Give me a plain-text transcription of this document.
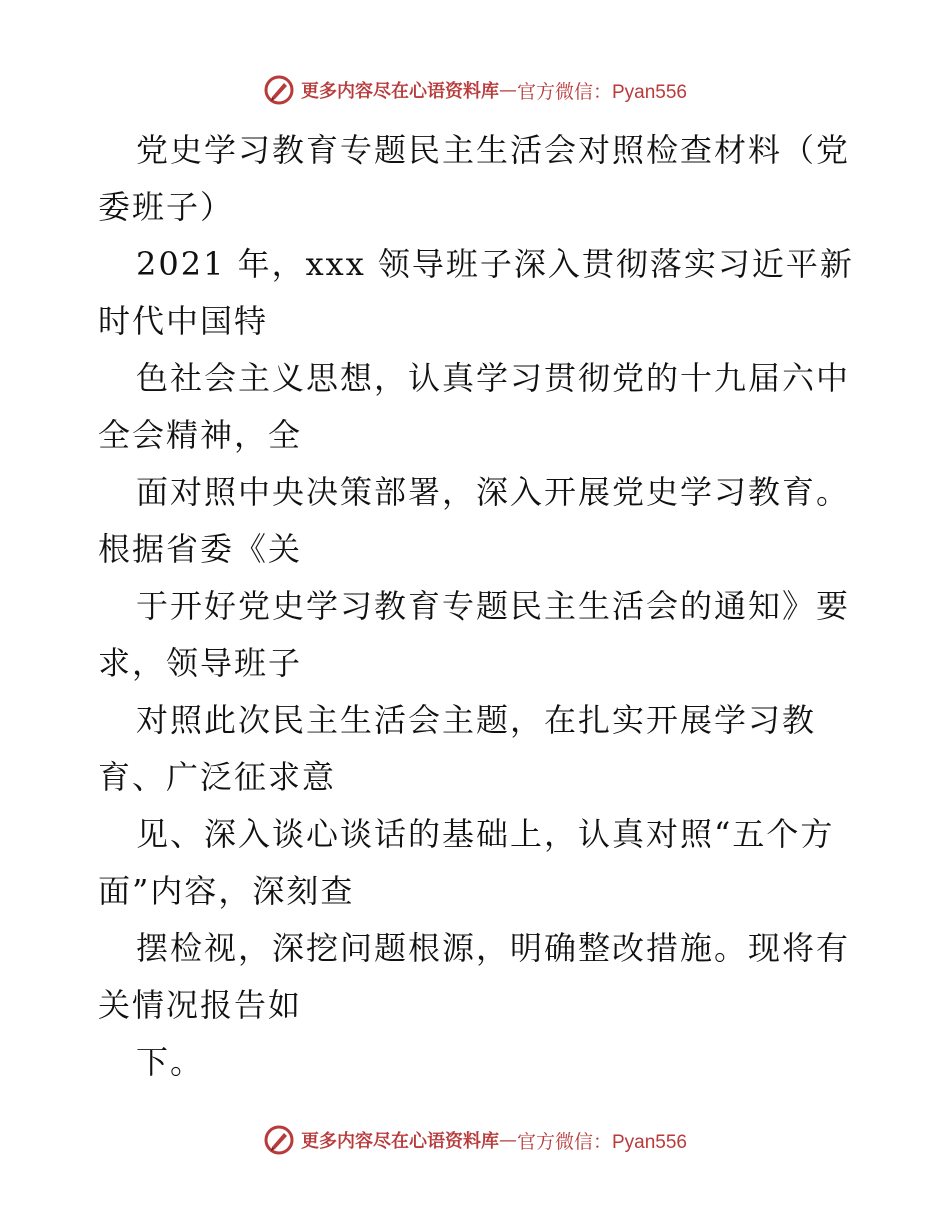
更多内容尽在心语资料库 — 官方微信：Pyan556
党史学习教育专题民主生活会对照检查材料（党
委班子）
2021 年，xxx 领导班子深入贯彻落实习近平新
时代中国特
色社会主义思想，认真学习贯彻党的十九届六中
全会精神，全
面对照中央决策部署，深入开展党史学习教育。
根据省委《关
于开好党史学习教育专题民主生活会的通知》要
求，领导班子
对照此次民主生活会主题，在扎实开展学习教
育、广泛征求意
见、深入谈心谈话的基础上，认真对照“五个方
面”内容，深刻查
摆检视，深挖问题根源，明确整改措施。现将有
关情况报告如
下。
更多内容尽在心语资料库 — 官方微信：Pyan556
